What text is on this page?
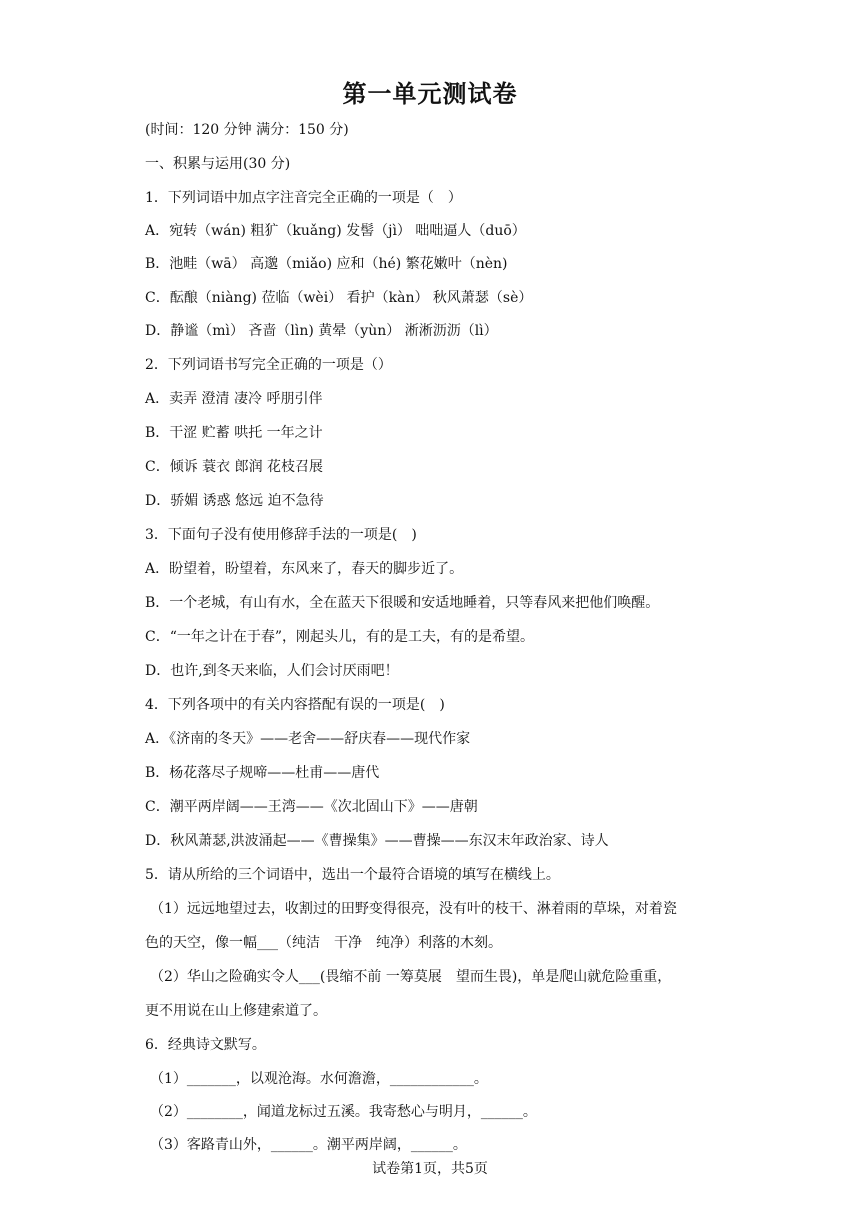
第一单元测试卷
(时间：120 分钟 满分：150 分)
一、积累与运用(30 分)
1．下列词语中加点字注音完全正确的一项是（　）
A．宛转（wán) 粗犷（kuǎng) 发髻（jì） 咄咄逼人（duō）
B．池畦（wā） 高邈（miǎo) 应和（hé) 繁花嫩叶（nèn)
C．酝酿（niàng) 莅临（wèi） 看护（kàn） 秋风萧瑟（sè）
D．静谧（mì） 吝啬（lìn) 黄晕（yùn） 淅淅沥沥（lì）
2．下列词语书写完全正确的一项是（）
A．卖弄 澄清 凄冷 呼朋引伴
B．干涩 贮蓄 哄托 一年之计
C．倾诉 蓑衣 郎润 花枝召展
D．骄媚 诱惑 悠远 迫不急待
3．下面句子没有使用修辞手法的一项是(　)
A．盼望着，盼望着，东风来了，春天的脚步近了。
B．一个老城，有山有水，全在蓝天下很暖和安适地睡着，只等春风来把他们唤醒。
C．“一年之计在于春”，刚起头儿，有的是工夫，有的是希望。
D．也许,到冬天来临，人们会讨厌雨吧！
4．下列各项中的有关内容搭配有误的一项是(　)
A．《济南的冬天》——老舍——舒庆春——现代作家
B．杨花落尽子规啼——杜甫——唐代
C．潮平两岸阔——王湾——《次北固山下》——唐朝
D．秋风萧瑟,洪波涌起——《曹操集》——曹操——东汉末年政治家、诗人
5．请从所给的三个词语中，选出一个最符合语境的填写在横线上。
（1）远远地望过去，收割过的田野变得很亮，没有叶的枝干、淋着雨的草垛，对着瓷
色的天空，像一幅___（纯洁　干净　纯净）利落的木刻。
（2）华山之险确实令人___(畏缩不前 一筹莫展　望而生畏)，单是爬山就危险重重，
更不用说在山上修建索道了。
6．经典诗文默写。
（1）_______，以观沧海。水何澹澹，____________。
（2）________，闻道龙标过五溪。我寄愁心与明月，______。
（3）客路青山外，______。潮平两岸阔，______。
试卷第1页，共5页
